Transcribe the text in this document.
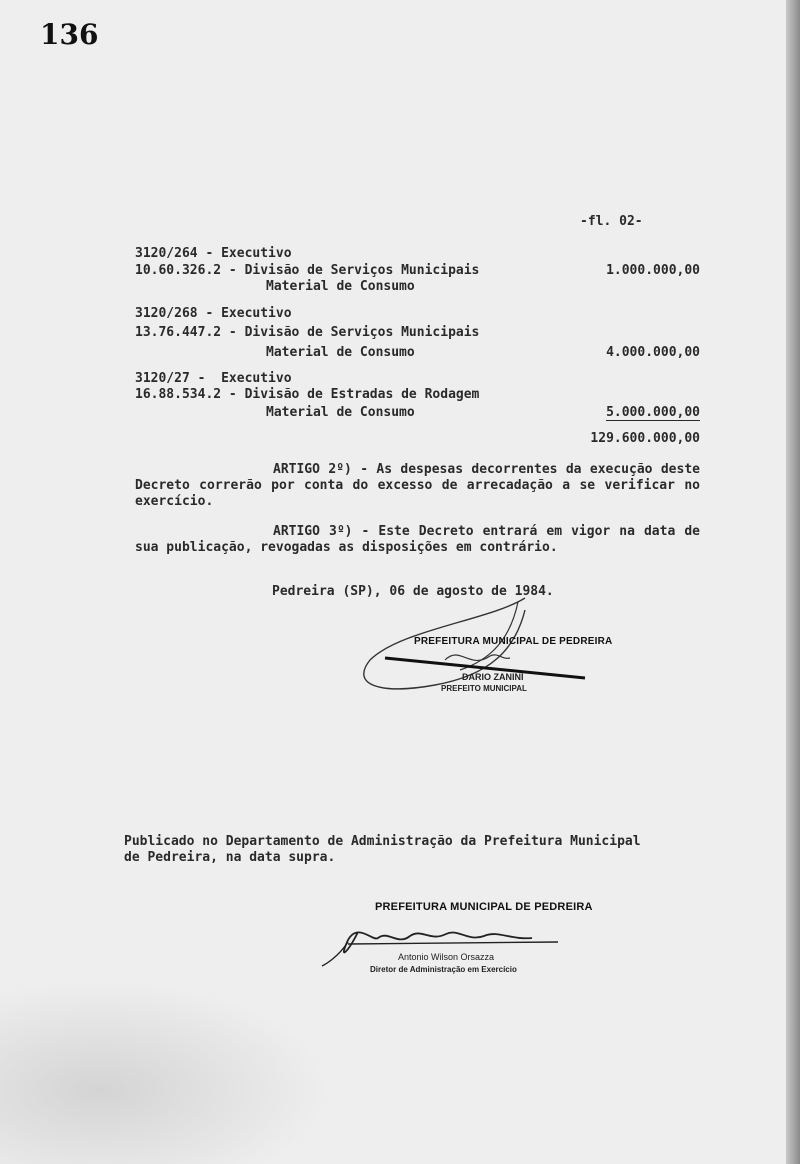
136
-fl. 02-
3120/264 - Executivo
10.60.326.2 - Divisão de Serviços Municipais	1.000.000,00
Material de Consumo
3120/268 - Executivo
13.76.447.2 - Divisão de Serviços Municipais
Material de Consumo	4.000.000,00
3120/27 -  Executivo
16.88.534.2 - Divisão de Estradas de Rodagem
Material de Consumo	5.000.000,00
129.600.000,00
ARTIGO 2º) - As despesas decorrentes da execução deste Decreto correrão por conta do excesso de arrecadação a se verificar no exercício.
ARTIGO 3º) - Este Decreto entrará em vigor na data de sua publicação, revogadas as disposições em contrário.
Pedreira (SP), 06 de agosto de 1984.
PREFEITURA MUNICIPAL DE PEDREIRA
DARIO ZANINI
PREFEITO MUNICIPAL
Publicado no Departamento de Administração da Prefeitura Municipal de Pedreira, na data supra.
PREFEITURA MUNICIPAL DE PEDREIRA
Antonio Wilson Orsazza
Diretor de Administração em Exercício
